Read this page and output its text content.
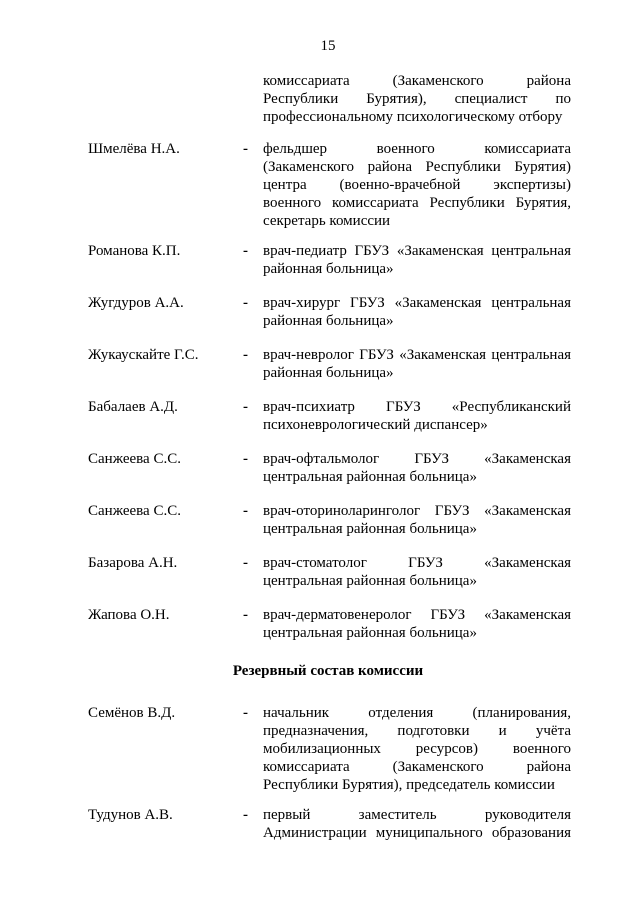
15
комиссариата (Закаменского района
Республики Бурятия), специалист по
профессиональному психологическому отбору
Шмелёва Н.А.	- фельдшер военного комиссариата
(Закаменского района Республики Бурятия)
центра (военно-врачебной экспертизы)
военного комиссариата Республики Бурятия,
секретарь комиссии
Романова К.П.	- врач-педиатр ГБУЗ «Закаменская центральная
районная больница»
Жугдуров А.А.	- врач-хирург ГБУЗ «Закаменская центральная
районная больница»
Жукаускайте Г.С.	- врач-невролог ГБУЗ «Закаменская центральная
районная больница»
Бабалаев А.Д.	- врач-психиатр ГБУЗ «Республиканский
психоневрологический диспансер»
Санжеева С.С.	- врач-офтальмолог ГБУЗ «Закаменская
центральная районная больница»
Санжеева С.С.	- врач-оториноларинголог ГБУЗ «Закаменская
центральная районная больница»
Базарова А.Н.	- врач-стоматолог ГБУЗ «Закаменская
центральная районная больница»
Жапова О.Н.	- врач-дерматовенеролог ГБУЗ «Закаменская
центральная районная больница»
Резервный состав комиссии
Семёнов В.Д.	- начальник отделения (планирования,
предназначения, подготовки и учёта
мобилизационных ресурсов) военного
комиссариата (Закаменского района
Республики Бурятия), председатель комиссии
Тудунов А.В.	- первый заместитель руководителя
Администрации муниципального образования
